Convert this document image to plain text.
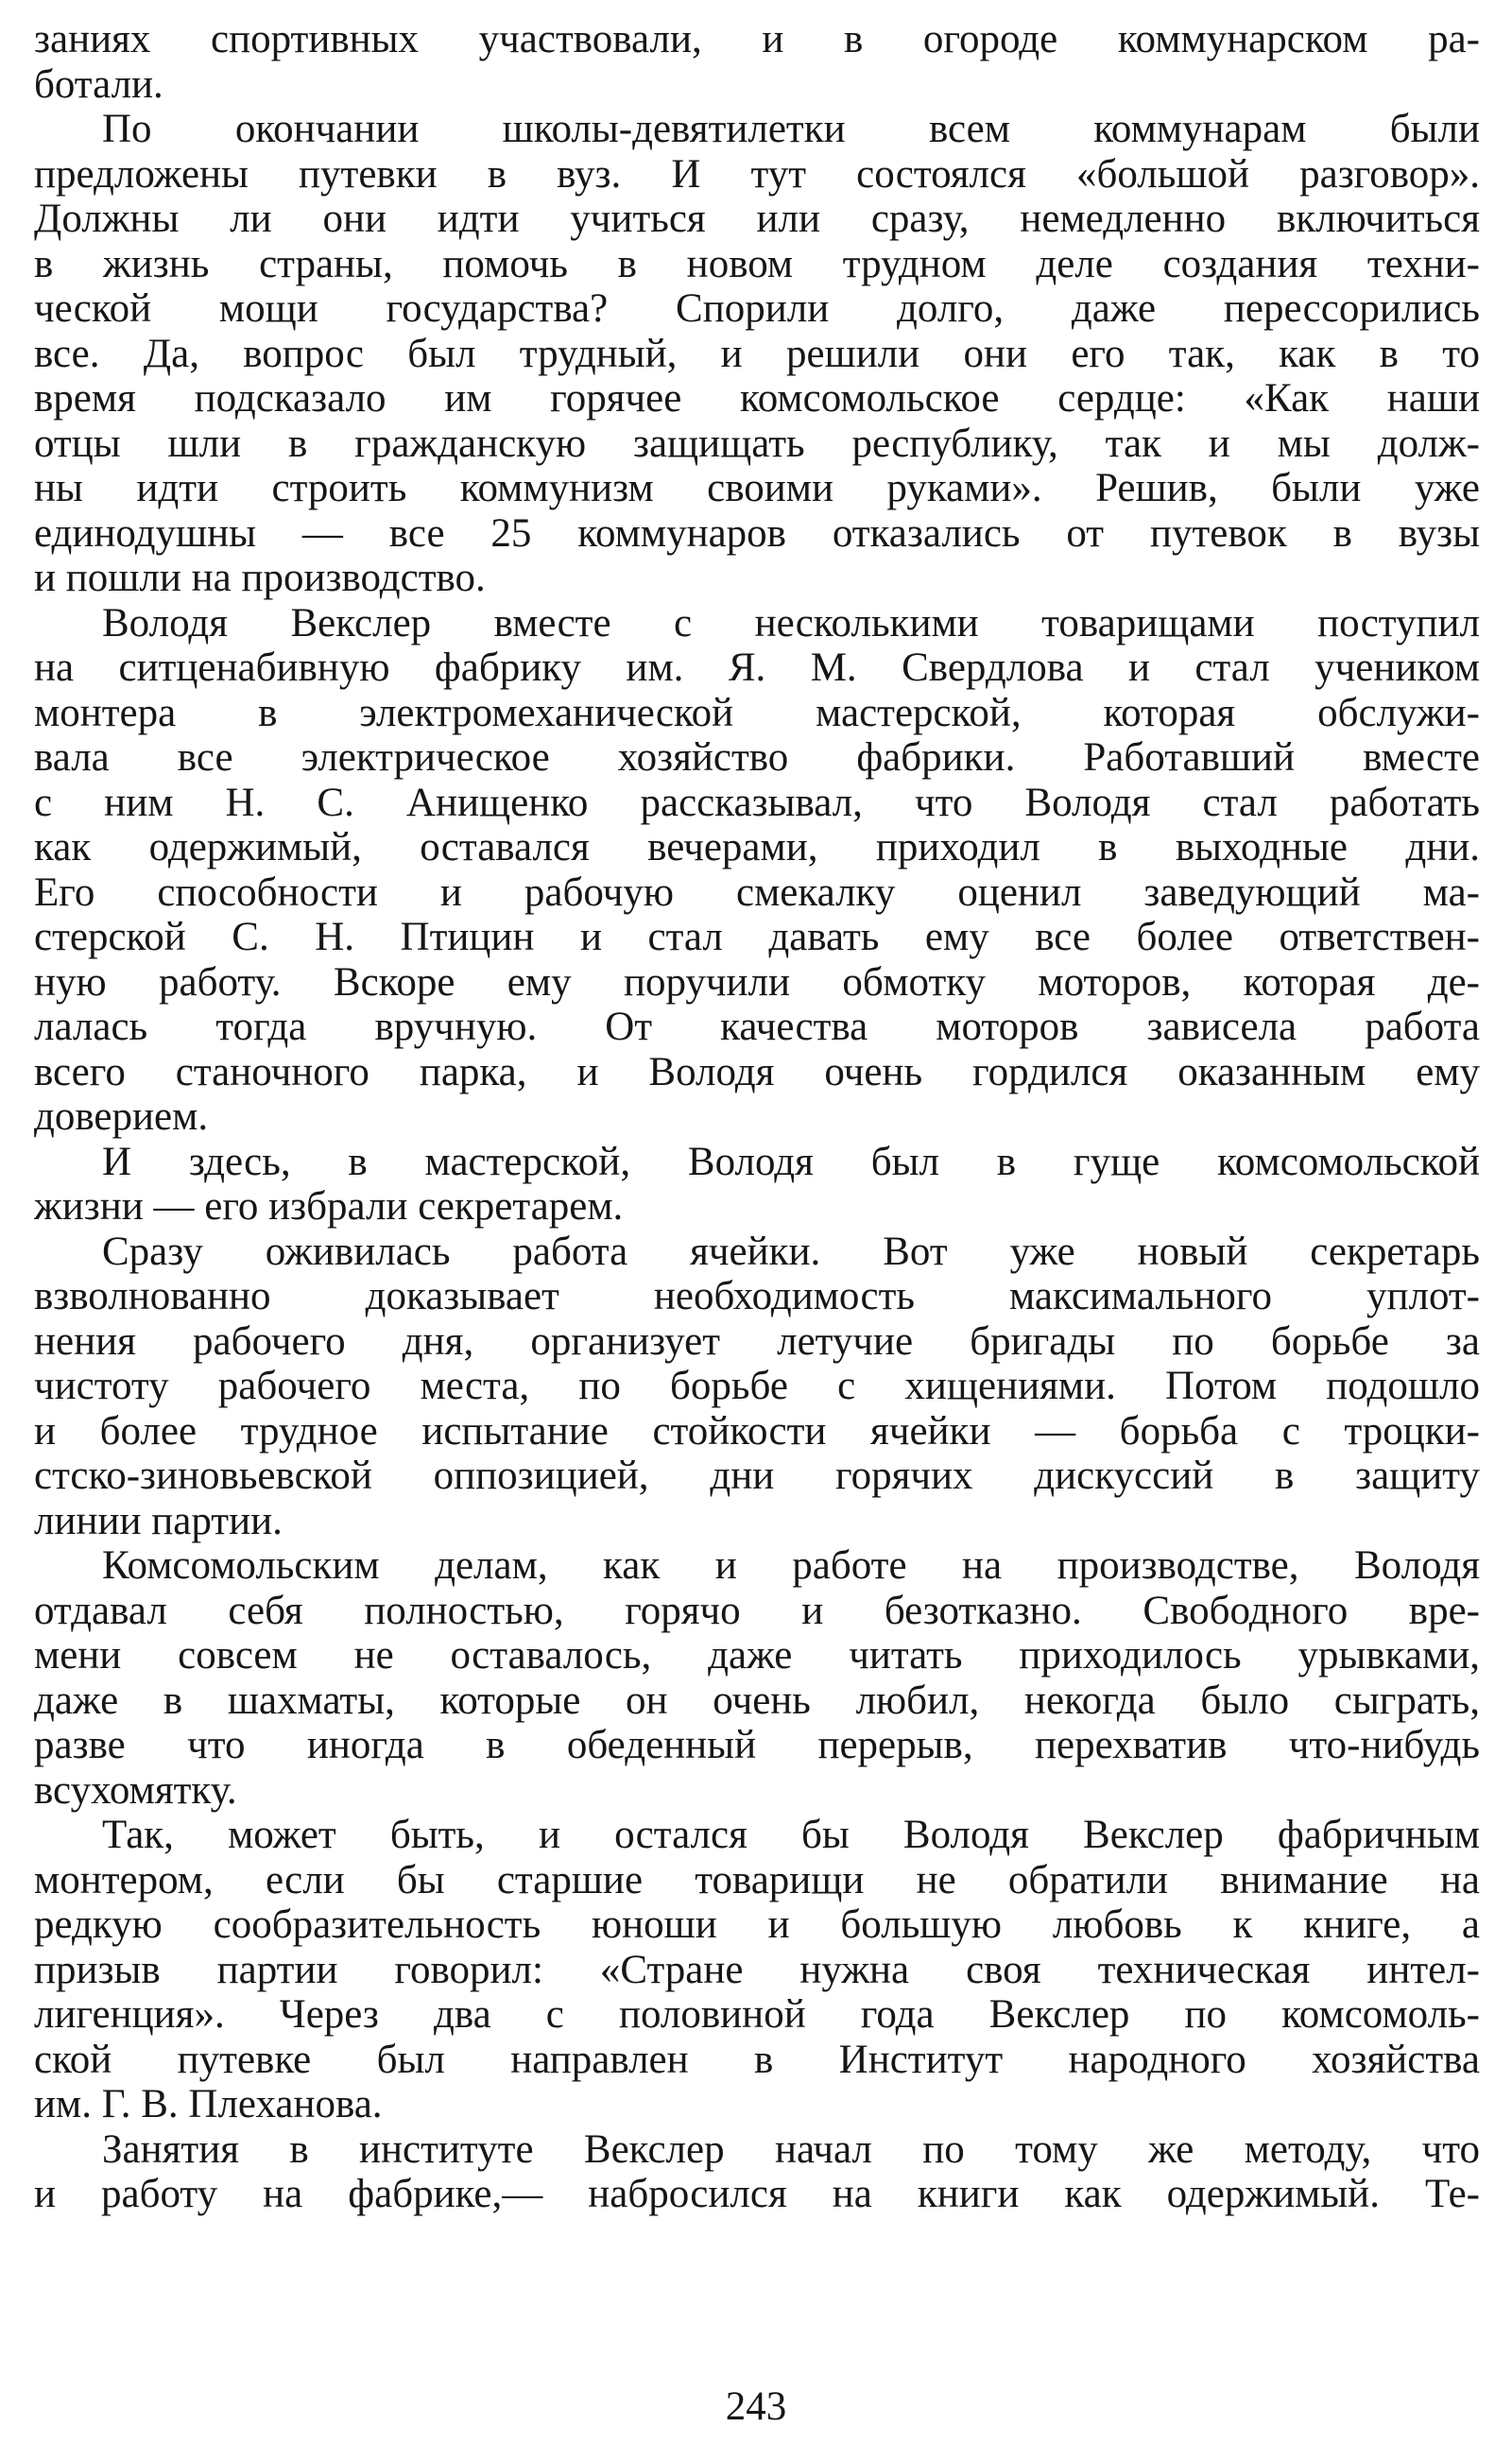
заниях спортивных участвовали, и в огороде коммунарском ра-
ботали.
По окончании школы-девятилетки всем коммунарам были
предложены путевки в вуз. И тут состоялся «большой разговор».
Должны ли они идти учиться или сразу, немедленно включиться
в жизнь страны, помочь в новом трудном деле создания техни-
ческой мощи государства? Спорили долго, даже перессорились
все. Да, вопрос был трудный, и решили они его так, как в то
время подсказало им горячее комсомольское сердце: «Как наши
отцы шли в гражданскую защищать республику, так и мы долж-
ны идти строить коммунизм своими руками». Решив, были уже
единодушны — все 25 коммунаров отказались от путевок в вузы
и пошли на производство.
Володя Векслер вместе с несколькими товарищами поступил
на ситценабивную фабрику им. Я. М. Свердлова и стал учеником
монтера в электромеханической мастерской, которая обслужи-
вала все электрическое хозяйство фабрики. Работавший вместе
с ним Н. С. Анищенко рассказывал, что Володя стал работать
как одержимый, оставался вечерами, приходил в выходные дни.
Его способности и рабочую смекалку оценил заведующий ма-
стерской С. Н. Птицин и стал давать ему все более ответствен-
ную работу. Вскоре ему поручили обмотку моторов, которая де-
лалась тогда вручную. От качества моторов зависела работа
всего станочного парка, и Володя очень гордился оказанным ему
доверием.
И здесь, в мастерской, Володя был в гуще комсомольской
жизни — его избрали секретарем.
Сразу оживилась работа ячейки. Вот уже новый секретарь
взволнованно доказывает необходимость максимального уплот-
нения рабочего дня, организует летучие бригады по борьбе за
чистоту рабочего места, по борьбе с хищениями. Потом подошло
и более трудное испытание стойкости ячейки — борьба с троцки-
стско-зиновьевской оппозицией, дни горячих дискуссий в защиту
линии партии.
Комсомольским делам, как и работе на производстве, Володя
отдавал себя полностью, горячо и безотказно. Свободного вре-
мени совсем не оставалось, даже читать приходилось урывками,
даже в шахматы, которые он очень любил, некогда было сыграть,
разве что иногда в обеденный перерыв, перехватив что-нибудь
всухомятку.
Так, может быть, и остался бы Володя Векслер фабричным
монтером, если бы старшие товарищи не обратили внимание на
редкую сообразительность юноши и большую любовь к книге, а
призыв партии говорил: «Стране нужна своя техническая интел-
лигенция». Через два с половиной года Векслер по комсомоль-
ской путевке был направлен в Институт народного хозяйства
им. Г. В. Плеханова.
Занятия в институте Векслер начал по тому же методу, что
и работу на фабрике,— набросился на книги как одержимый. Те-
243
